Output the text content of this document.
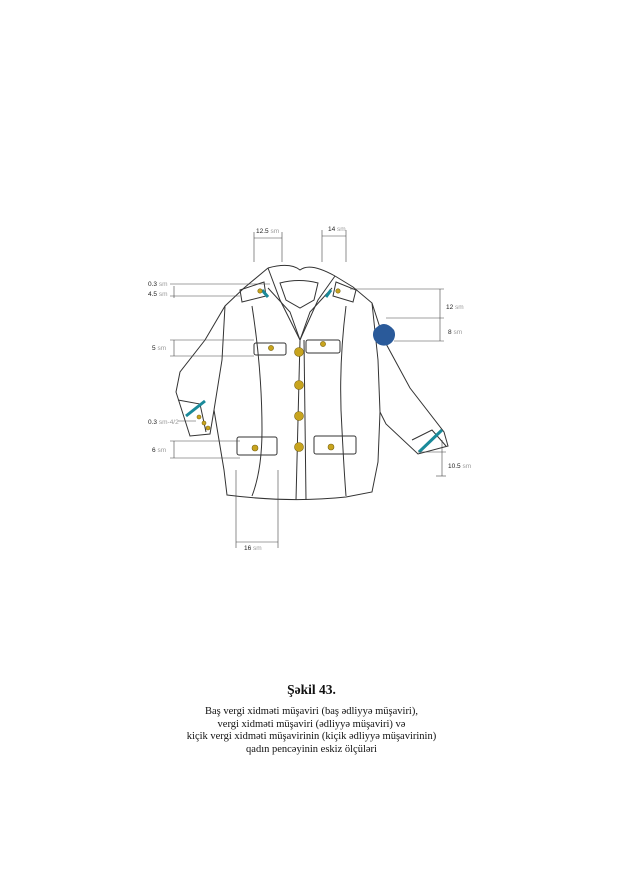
12.5 sm	14 sm
0.3 sm
4.5 sm
5 sm
0.3 sm-4/2
6 sm
12 sm
8 sm
10.5 sm
16 sm
Şəkil 43.
Baş vergi xidməti müşaviri (baş ədliyyə müşaviri),
vergi xidməti müşaviri (ədliyyə müşaviri) və
kiçik vergi xidməti müşavirinin (kiçik ədliyyə müşavirinin)
qadın pencəyinin eskiz ölçüləri
